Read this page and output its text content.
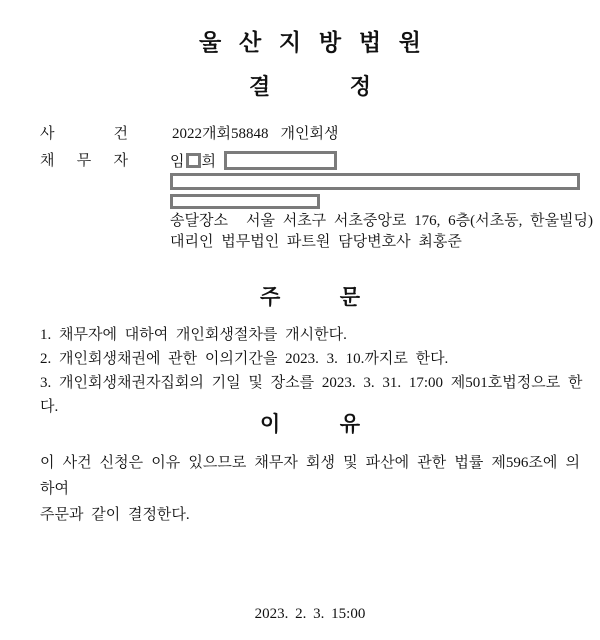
울 산 지 방 법 원
결 정
사 건	2022개회58848 개인회생
채 무 자	임 희
송달장소 서울 서초구 서초중앙로 176, 6층(서초동, 한울빌딩)
대리인 법무법인 파트원 담당변호사 최홍준
주 문
1. 채무자에 대하여 개인회생절차를 개시한다.
2. 개인회생채권에 관한 이의기간을 2023. 3. 10.까지로 한다.
3. 개인회생채권자집회의 기일 및 장소를 2023. 3. 31. 17:00 제501호법정으로 한다.
이 유
이 사건 신청은 이유 있으므로 채무자 회생 및 파산에 관한 법률 제596조에 의하여
주문과 같이 결정한다.
2023. 2. 3. 15:00
